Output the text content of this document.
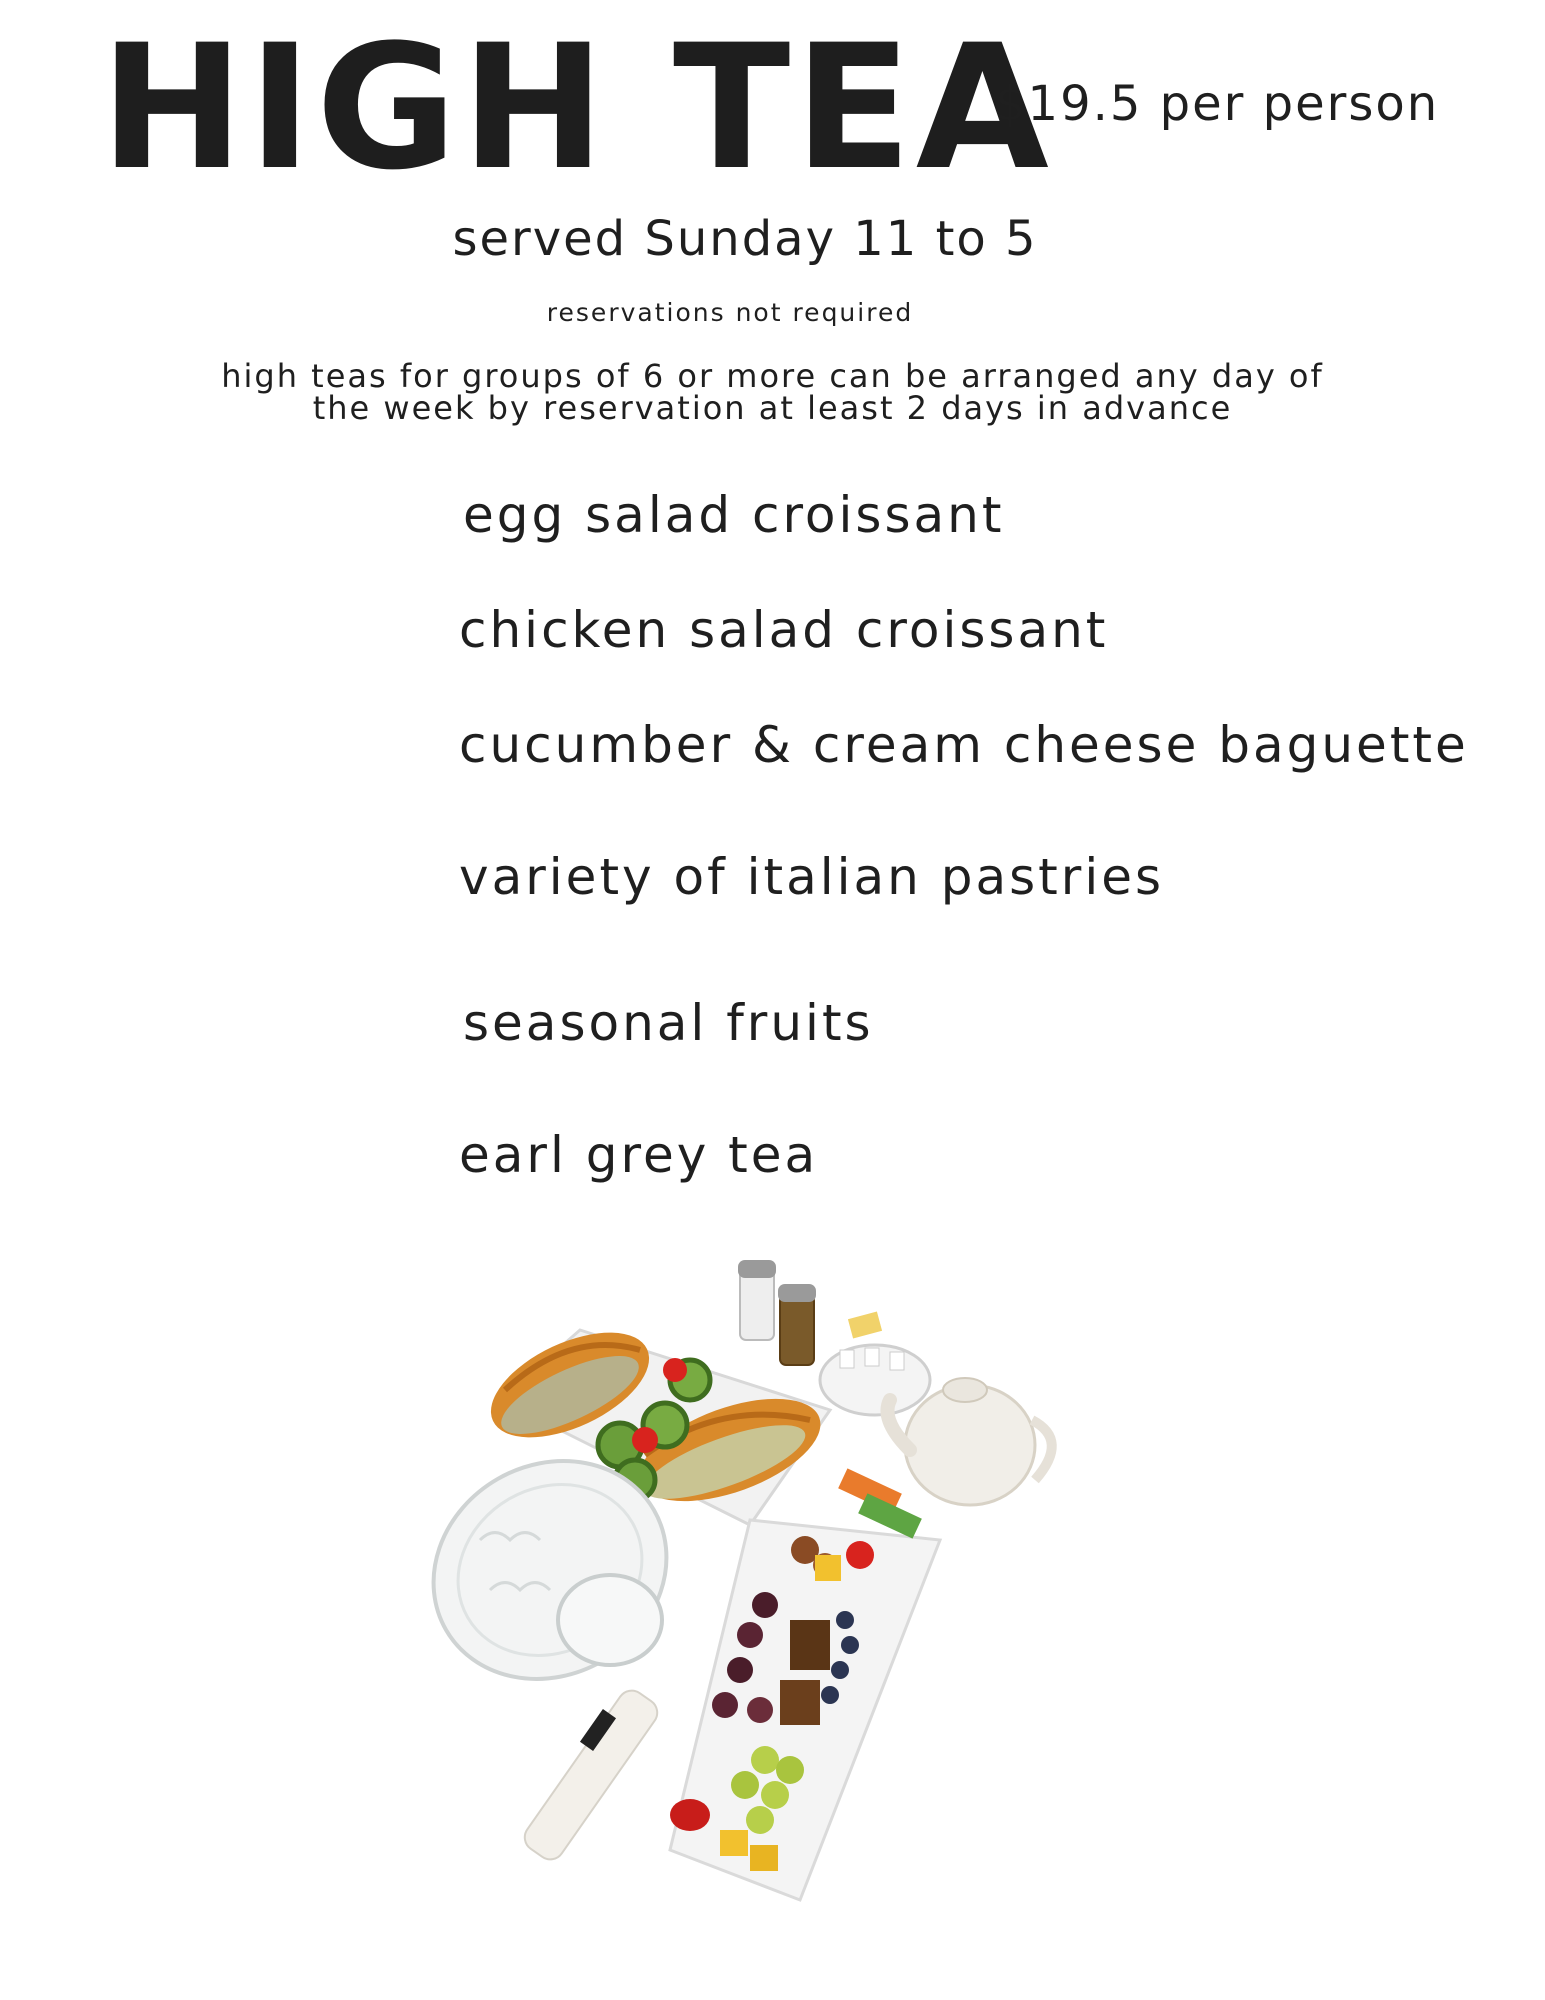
HIGH TEA
$19.5 per person
served Sunday 11 to 5
reservations not required
high teas for groups of 6 or more can be arranged any day of
the week by reservation at least 2 days in advance
egg salad croissant
chicken salad croissant
cucumber & cream cheese baguette
variety of italian pastries
seasonal fruits
earl grey tea
